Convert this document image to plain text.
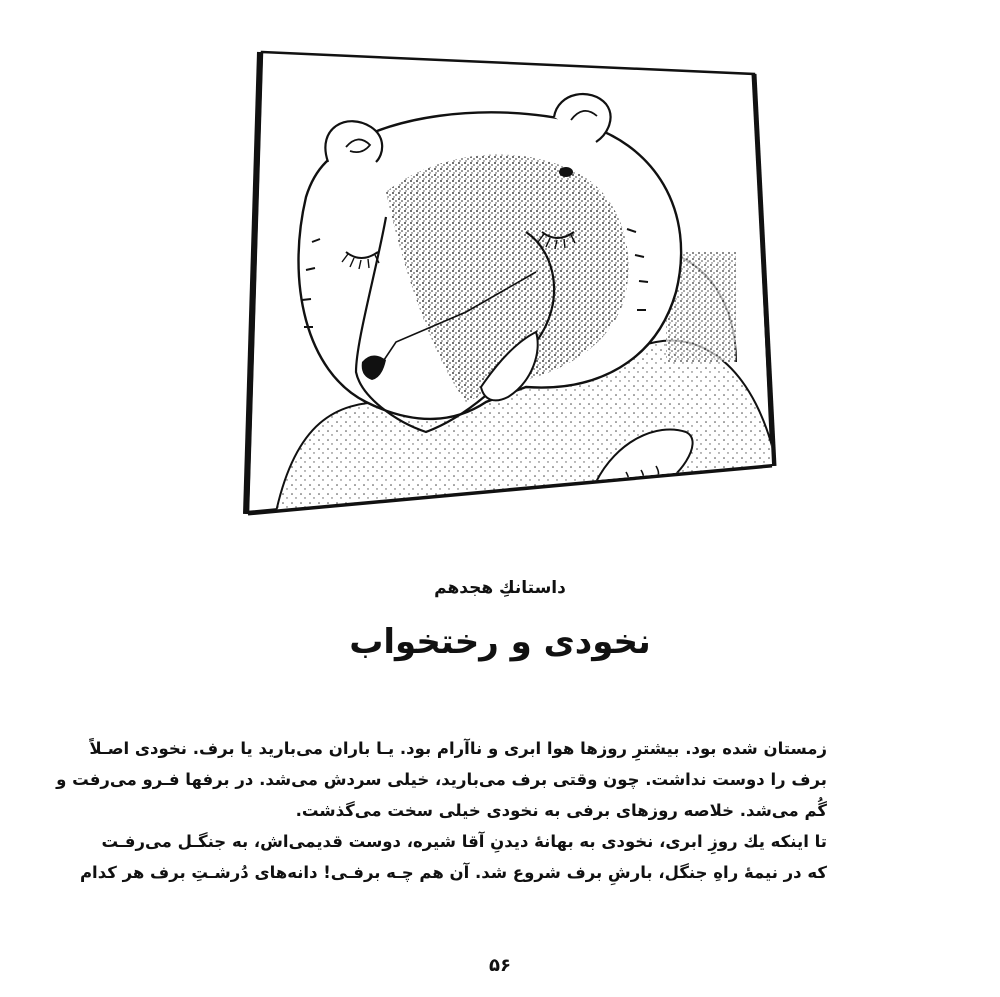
داستانكِ هجدهم
نخودی و رختخواب

زمستان شده بود. بیشترِ روزها هوا ابری و ناآرام بود. یـا باران می‌بارید یا برف. نخودی اصـلاً
برف را دوست نداشت. چون وقتی برف می‌بارید، خیلی سردش می‌شد. در برفها فـرو می‌رفت و
گُم می‌شد. خلاصه روزهای برفی به نخودی خیلی سخت می‌گذشت.

تا اینکه یك روزِ ابری، نخودی به بهانهٔ دیدنِ آقا شیره، دوست قدیمی‌اش، به جنگـل می‌رفـت
که در نیمهٔ راهِ جنگل، بارشِ برف شروع شد. آن هم چـه برفـی! دانه‌های دُرشـتِ برف هر کدام

۵۶
